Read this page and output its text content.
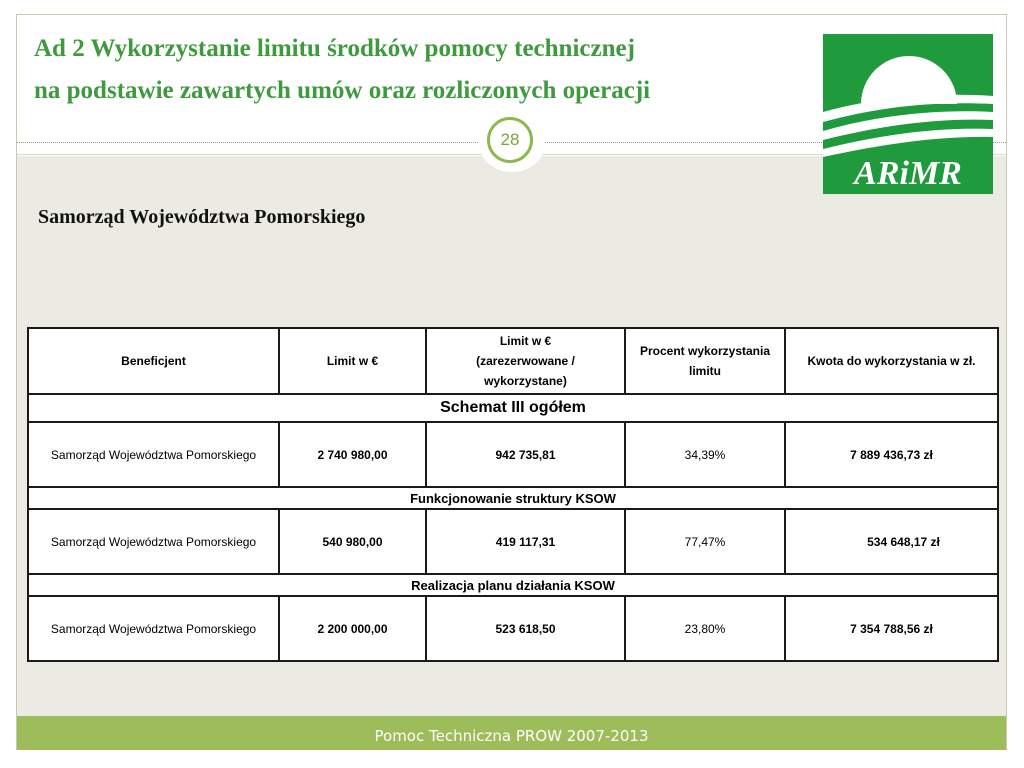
Ad 2 Wykorzystanie limitu środków pomocy technicznej
na podstawie zawartych umów oraz rozliczonych operacji
ARiMR
28
Samorząd Województwa Pomorskiego
Beneficjent	Limit w €	Limit w €
(zarezerwowane /
wykorzystane)	Procent wykorzystania limitu	Kwota do wykorzystania w zł.
Schemat III ogółem				
Samorząd Województwa Pomorskiego	2 740 980,00	942 735,81	34,39%	7 889 436,73 zł
Funkcjonowanie struktury KSOW				
Samorząd Województwa Pomorskiego	540 980,00	419 117,31	77,47%	534 648,17 zł
Realizacja planu działania KSOW				
Samorząd Województwa Pomorskiego	2 200 000,00	523 618,50	23,80%	7 354 788,56 zł
Pomoc Techniczna PROW 2007-2013
